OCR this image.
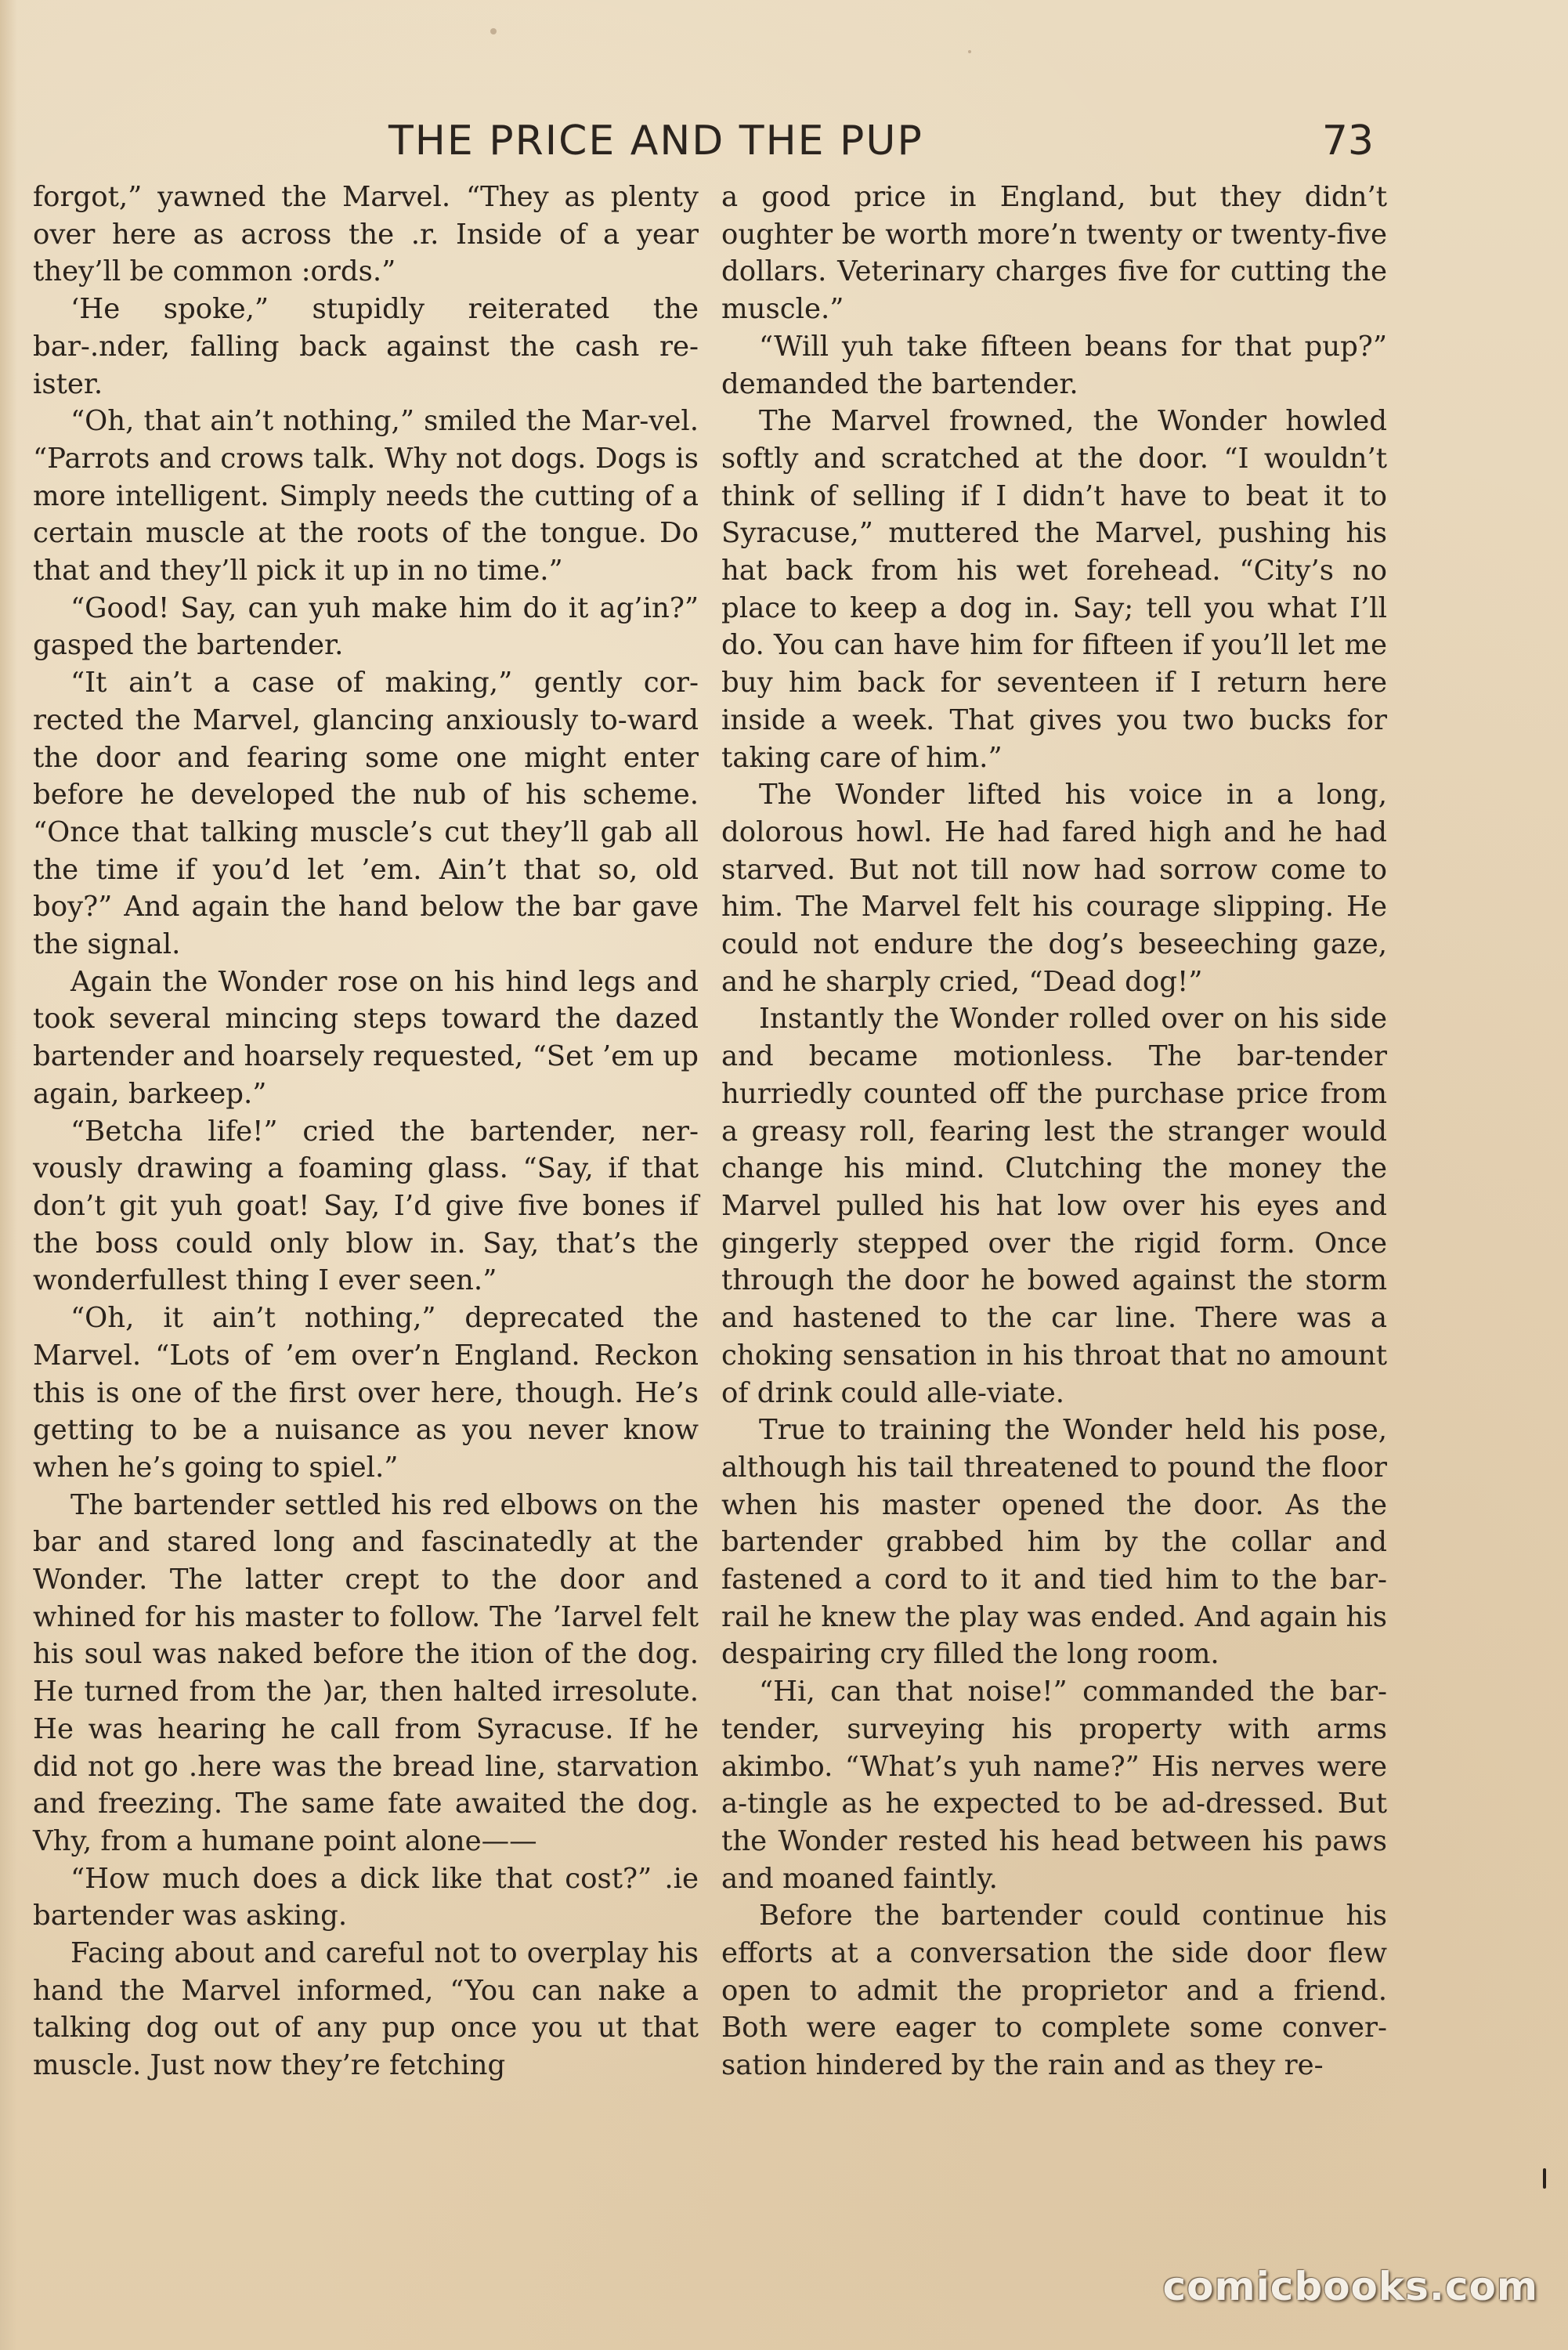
THE PRICE AND THE PUP	73

forgot,” yawned the Marvel. “They as plenty over here as across the .r. Inside of a year they’ll be common :ords.”

‘He spoke,” stupidly reiterated the bar-.nder, falling back against the cash re-ister.

“Oh, that ain’t nothing,” smiled the Mar-vel. “Parrots and crows talk. Why not dogs. Dogs is more intelligent. Simply needs the cutting of a certain muscle at the roots of the tongue. Do that and they’ll pick it up in no time.”

“Good! Say, can yuh make him do it ag’in?” gasped the bartender.

“It ain’t a case of making,” gently cor-rected the Marvel, glancing anxiously to-ward the door and fearing some one might enter before he developed the nub of his scheme. “Once that talking muscle’s cut they’ll gab all the time if you’d let ’em. Ain’t that so, old boy?” And again the hand below the bar gave the signal.

Again the Wonder rose on his hind legs and took several mincing steps toward the dazed bartender and hoarsely requested, “Set ’em up again, barkeep.”

“Betcha life!” cried the bartender, ner-vously drawing a foaming glass. “Say, if that don’t git yuh goat! Say, I’d give five bones if the boss could only blow in. Say, that’s the wonderfullest thing I ever seen.”

“Oh, it ain’t nothing,” deprecated the Marvel. “Lots of ’em over’n England. Reckon this is one of the first over here, though. He’s getting to be a nuisance as you never know when he’s going to spiel.”

The bartender settled his red elbows on the bar and stared long and fascinatedly at the Wonder. The latter crept to the door and whined for his master to follow. The ʼIarvel felt his soul was naked before the ition of the dog. He turned from the )ar, then halted irresolute. He was hearing he call from Syracuse. If he did not go .here was the bread line, starvation and freezing. The same fate awaited the dog. Vhy, from a humane point alone——

“How much does a dick like that cost?” .ie bartender was asking.

Facing about and careful not to overplay his hand the Marvel informed, “You can nake a talking dog out of any pup once you ut that muscle. Just now they’re fetching

a good price in England, but they didn’t oughter be worth more’n twenty or twenty-five dollars. Veterinary charges five for cutting the muscle.”

“Will yuh take fifteen beans for that pup?” demanded the bartender.

The Marvel frowned, the Wonder howled softly and scratched at the door. “I wouldn’t think of selling if I didn’t have to beat it to Syracuse,” muttered the Marvel, pushing his hat back from his wet forehead. “City’s no place to keep a dog in. Say; tell you what I’ll do. You can have him for fifteen if you’ll let me buy him back for seventeen if I return here inside a week. That gives you two bucks for taking care of him.”

The Wonder lifted his voice in a long, dolorous howl. He had fared high and he had starved. But not till now had sorrow come to him. The Marvel felt his courage slipping. He could not endure the dog’s beseeching gaze, and he sharply cried, “Dead dog!”

Instantly the Wonder rolled over on his side and became motionless. The bar-tender hurriedly counted off the purchase price from a greasy roll, fearing lest the stranger would change his mind. Clutching the money the Marvel pulled his hat low over his eyes and gingerly stepped over the rigid form. Once through the door he bowed against the storm and hastened to the car line. There was a choking sensation in his throat that no amount of drink could alle-viate.

True to training the Wonder held his pose, although his tail threatened to pound the floor when his master opened the door. As the bartender grabbed him by the collar and fastened a cord to it and tied him to the bar-rail he knew the play was ended. And again his despairing cry filled the long room.

“Hi, can that noise!” commanded the bar-tender, surveying his property with arms akimbo. “What’s yuh name?” His nerves were a-tingle as he expected to be ad-dressed. But the Wonder rested his head between his paws and moaned faintly.

Before the bartender could continue his efforts at a conversation the side door flew open to admit the proprietor and a friend. Both were eager to complete some conver-sation hindered by the rain and as they re-

comicbooks.com
